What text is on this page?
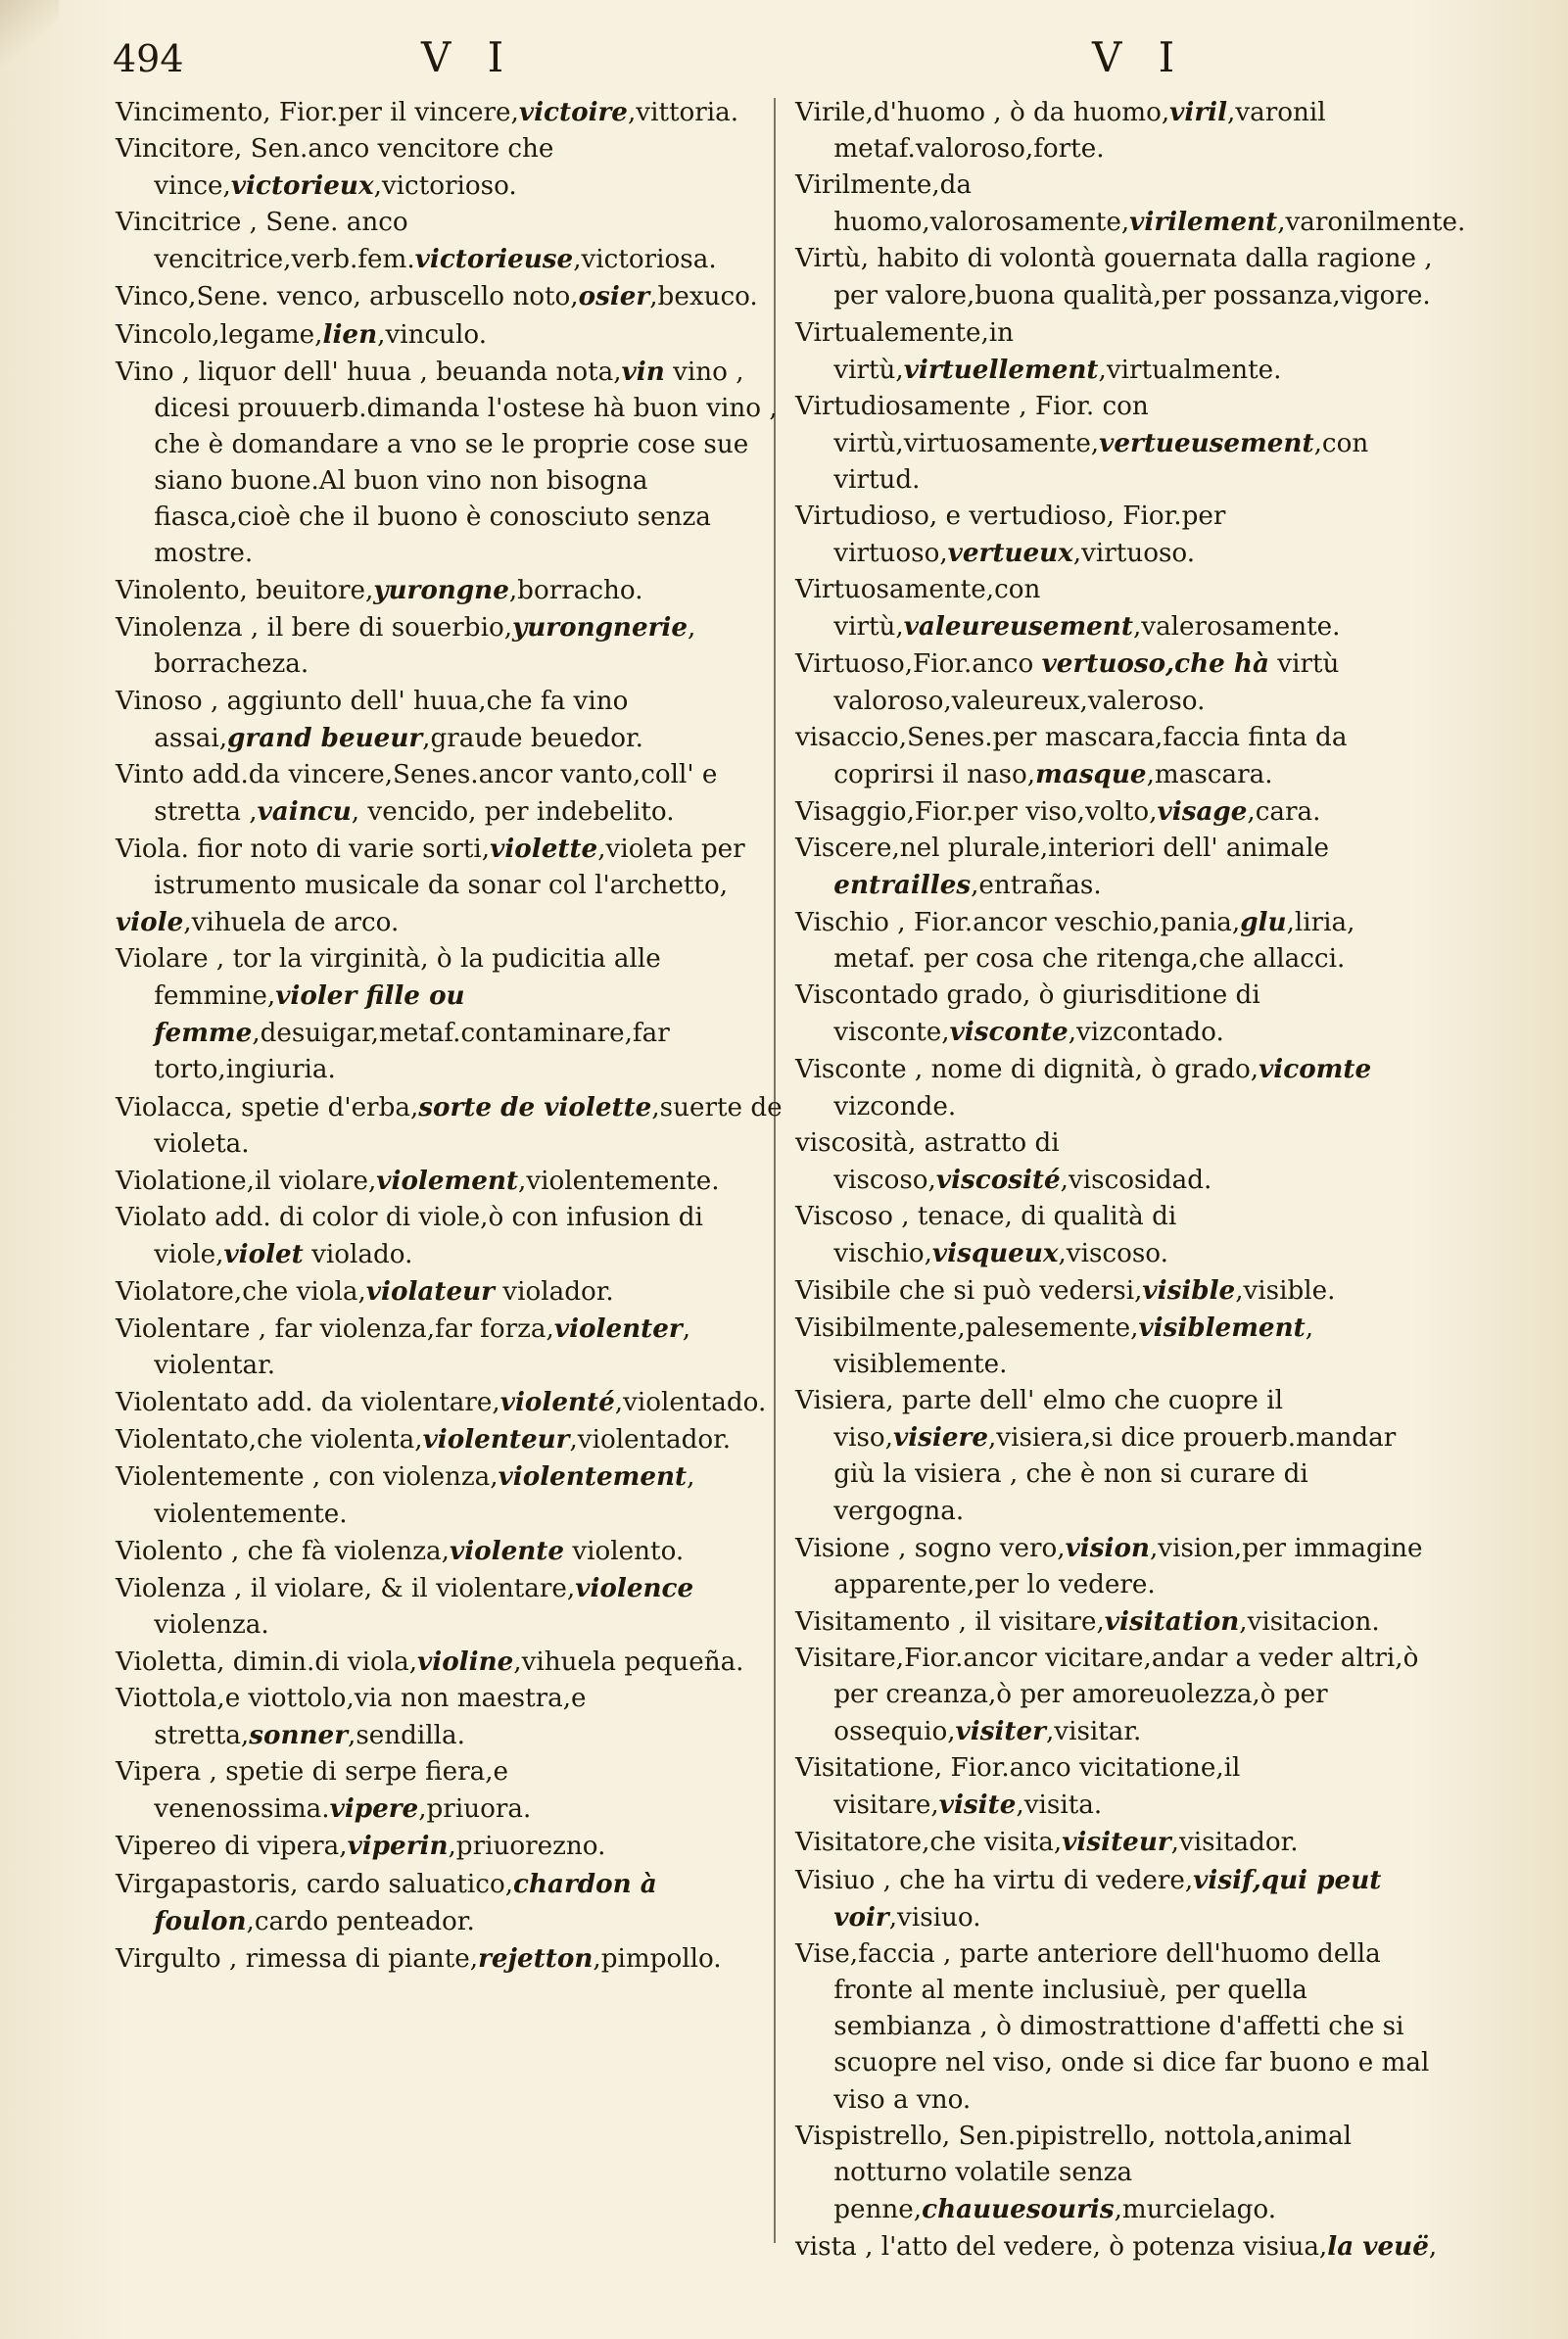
494	V I	V I

Vincimento, Fior.per il vincere,victoire,vittoria.

Vincitore, Sen.anco vencitore che vince,victorieux,victorioso.

Vincitrice , Sene. anco vencitrice,verb.fem.victorieuse,victoriosa.

Vinco,Sene. venco, arbuscello noto,osier,bexuco.

Vincolo,legame,lien,vinculo.

Vino , liquor dell' huua , beuanda nota,vin vino , dicesi prouuerb.dimanda l'ostese hà buon vino , che è domandare a vno se le proprie cose sue siano buone.Al buon vino non bisogna fiasca,cioè che il buono è conosciuto senza mostre.

Vinolento, beuitore,yurongne,borracho.

Vinolenza , il bere di souerbio,yurongnerie, borracheza.

Vinoso , aggiunto dell' huua,che fa vino assai,grand beueur,graude beuedor.

Vinto add.da vincere,Senes.ancor vanto,coll' e stretta ,vaincu, vencido, per indebelito.

Viola. fior noto di varie sorti,violette,violeta per istrumento musicale da sonar col l'archetto,

viole,vihuela de arco.

Violare , tor la virginità, ò la pudicitia alle femmine,violer fille ou femme,desuigar,metaf.contaminare,far torto,ingiuria.

Violacca, spetie d'erba,sorte de violette,suerte de violeta.

Violatione,il violare,violement,violentemente.

Violato add. di color di viole,ò con infusion di viole,violet violado.

Violatore,che viola,violateur violador.

Violentare , far violenza,far forza,violenter, violentar.

Violentato add. da violentare,violenté,violentado.

Violentato,che violenta,violenteur,violentador.

Violentemente , con violenza,violentement, violentemente.

Violento , che fà violenza,violente violento.

Violenza , il violare, & il violentare,violence violenza.

Violetta, dimin.di viola,violine,vihuela pequeña.

Viottola,e viottolo,via non maestra,e stretta,sonner,sendilla.

Vipera , spetie di serpe fiera,e venenossima.vipere,priuora.

Vipereo di vipera,viperin,priuorezno.

Virgapastoris, cardo saluatico,chardon à foulon,cardo penteador.

Virgulto , rimessa di piante,rejetton,pimpollo.

Virile,d'huomo , ò da huomo,viril,varonil metaf.valoroso,forte.

Virilmente,da huomo,valorosamente,virilement,varonilmente.

Virtù, habito di volontà gouernata dalla ragione , per valore,buona qualità,per possanza,vigore.

Virtualemente,in virtù,virtuellement,virtualmente.

Virtudiosamente , Fior. con virtù,virtuosamente,vertueusement,con virtud.

Virtudioso, e vertudioso, Fior.per virtuoso,vertueux,virtuoso.

Virtuosamente,con virtù,valeureusement,valerosamente.

Virtuoso,Fior.anco vertuoso,che hà virtù valoroso,valeureux,valeroso.

visaccio,Senes.per mascara,faccia finta da coprirsi il naso,masque,mascara.

Visaggio,Fior.per viso,volto,visage,cara.

Viscere,nel plurale,interiori dell' animale entrailles,entrañas.

Vischio , Fior.ancor veschio,pania,glu,liria, metaf. per cosa che ritenga,che allacci.

Viscontado grado, ò giurisditione di visconte,visconte,vizcontado.

Visconte , nome di dignità, ò grado,vicomte vizconde.

viscosità, astratto di viscoso,viscosité,viscosidad.

Viscoso , tenace, di qualità di vischio,visqueux,viscoso.

Visibile che si può vedersi,visible,visible.

Visibilmente,palesemente,visiblement, visiblemente.

Visiera, parte dell' elmo che cuopre il viso,visiere,visiera,si dice prouerb.mandar giù la visiera , che è non si curare di vergogna.

Visione , sogno vero,vision,vision,per immagine apparente,per lo vedere.

Visitamento , il visitare,visitation,visitacion.

Visitare,Fior.ancor vicitare,andar a veder altri,ò per creanza,ò per amoreuolezza,ò per ossequio,visiter,visitar.

Visitatione, Fior.anco vicitatione,il visitare,visite,visita.

Visitatore,che visita,visiteur,visitador.

Visiuo , che ha virtu di vedere,visif,qui peut voir,visiuo.

Vise,faccia , parte anteriore dell'huomo della fronte al mente inclusiuè, per quella sembianza , ò dimostrattione d'affetti che si scuopre nel viso, onde si dice far buono e mal viso a vno.

Vispistrello, Sen.pipistrello, nottola,animal notturno volatile senza penne,chauuesouris,murcielago.

vista , l'atto del vedere, ò potenza visiua,la veuë,
